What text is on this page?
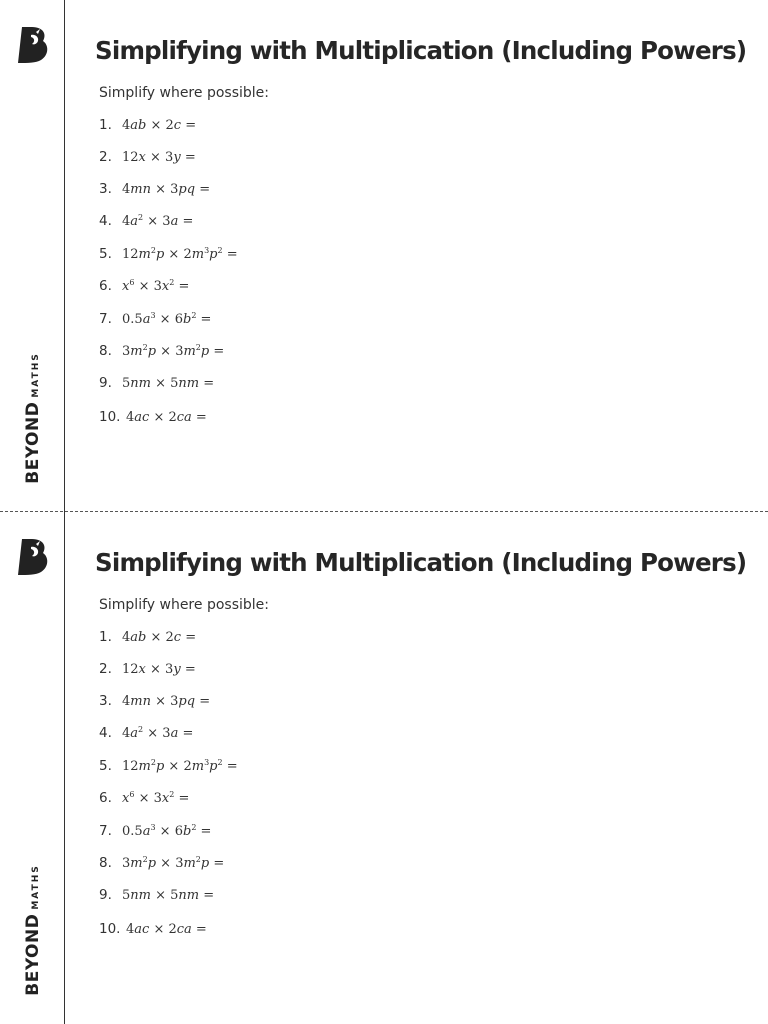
BEYONDMATHS
Simplifying with Multiplication (Including Powers)
Simplify where possible:
1. 4ab × 2c =
2. 12x × 3y =
3. 4mn × 3pq =
4. $4a^2 \times 3a$ =
5. $12m^2p \times 2m^3p^2$ =
6. $x^6 \times 3x^2$ =
7. $0.5a^3 \times 6b^2$ =
8. $3m^2p \times 3m^2p$ =
9. 5nm × 5nm =
10. 4ac × 2ca =
BEYONDMATHS
Simplifying with Multiplication (Including Powers)
Simplify where possible:
1. 4ab × 2c =
2. 12x × 3y =
3. 4mn × 3pq =
4. $4a^2 \times 3a$ =
5. $12m^2p \times 2m^3p^2$ =
6. $x^6 \times 3x^2$ =
7. $0.5a^3 \times 6b^2$ =
8. $3m^2p \times 3m^2p$ =
9. 5nm × 5nm =
10. 4ac × 2ca =
